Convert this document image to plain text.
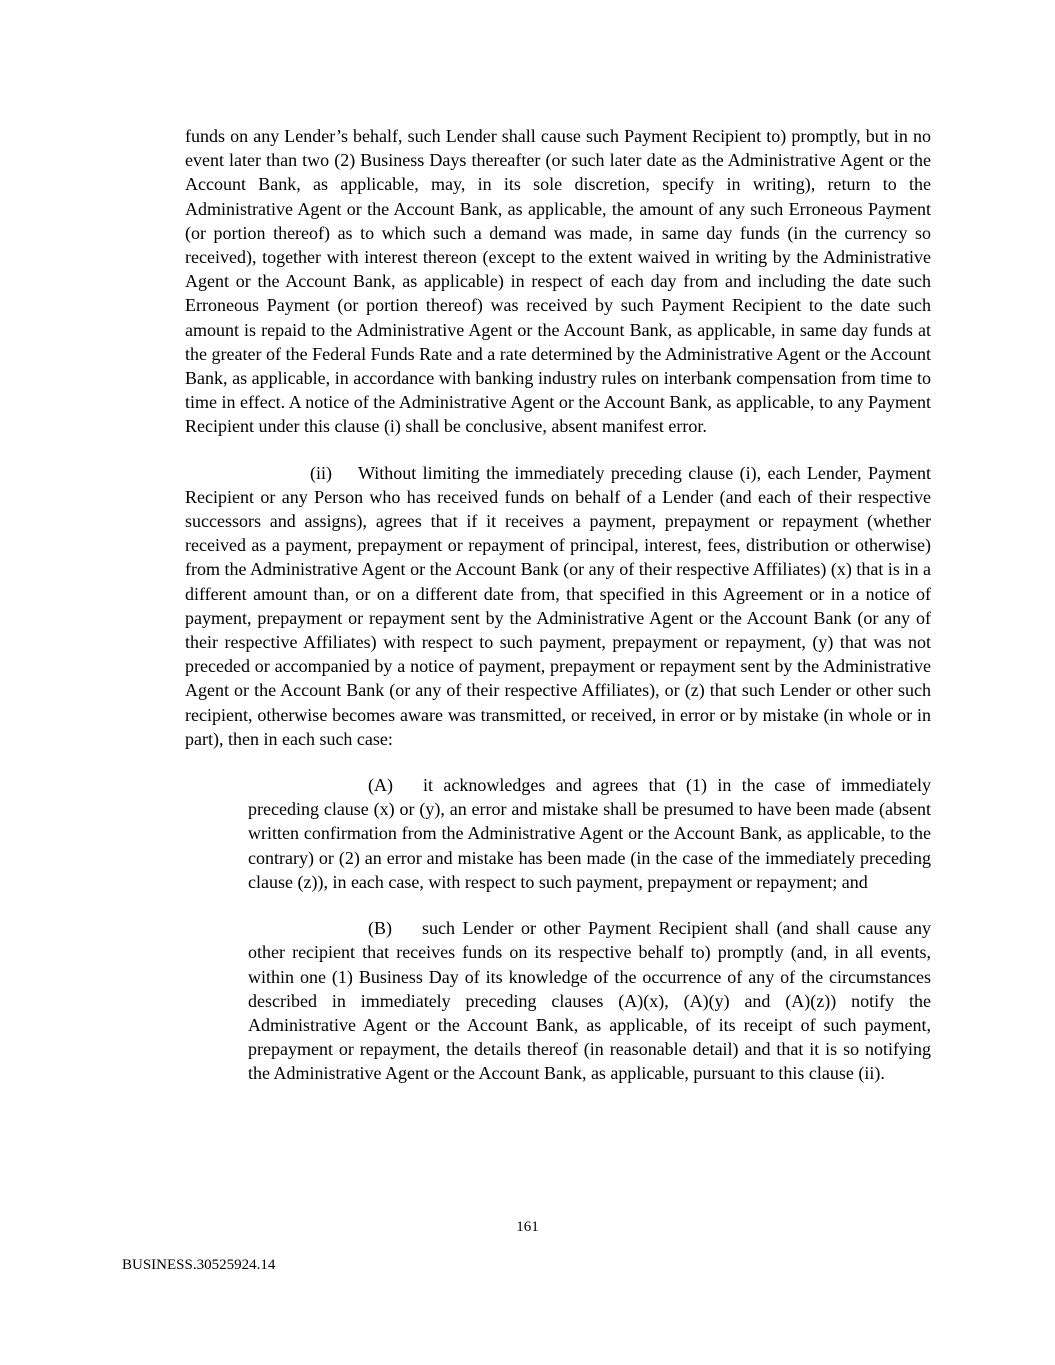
funds on any Lender’s behalf, such Lender shall cause such Payment Recipient to) promptly, but in no event later than two (2) Business Days thereafter (or such later date as the Administrative Agent or the Account Bank, as applicable, may, in its sole discretion, specify in writing), return to the Administrative Agent or the Account Bank, as applicable, the amount of any such Erroneous Payment (or portion thereof) as to which such a demand was made, in same day funds (in the currency so received), together with interest thereon (except to the extent waived in writing by the Administrative Agent or the Account Bank, as applicable) in respect of each day from and including the date such Erroneous Payment (or portion thereof) was received by such Payment Recipient to the date such amount is repaid to the Administrative Agent or the Account Bank, as applicable, in same day funds at the greater of the Federal Funds Rate and a rate determined by the Administrative Agent or the Account Bank, as applicable, in accordance with banking industry rules on interbank compensation from time to time in effect. A notice of the Administrative Agent or the Account Bank, as applicable, to any Payment Recipient under this clause (i) shall be conclusive, absent manifest error.

(ii) Without limiting the immediately preceding clause (i), each Lender, Payment Recipient or any Person who has received funds on behalf of a Lender (and each of their respective successors and assigns), agrees that if it receives a payment, prepayment or repayment (whether received as a payment, prepayment or repayment of principal, interest, fees, distribution or otherwise) from the Administrative Agent or the Account Bank (or any of their respective Affiliates) (x) that is in a different amount than, or on a different date from, that specified in this Agreement or in a notice of payment, prepayment or repayment sent by the Administrative Agent or the Account Bank (or any of their respective Affiliates) with respect to such payment, prepayment or repayment, (y) that was not preceded or accompanied by a notice of payment, prepayment or repayment sent by the Administrative Agent or the Account Bank (or any of their respective Affiliates), or (z) that such Lender or other such recipient, otherwise becomes aware was transmitted, or received, in error or by mistake (in whole or in part), then in each such case:

(A) it acknowledges and agrees that (1) in the case of immediately preceding clause (x) or (y), an error and mistake shall be presumed to have been made (absent written confirmation from the Administrative Agent or the Account Bank, as applicable, to the contrary) or (2) an error and mistake has been made (in the case of the immediately preceding clause (z)), in each case, with respect to such payment, prepayment or repayment; and

(B) such Lender or other Payment Recipient shall (and shall cause any other recipient that receives funds on its respective behalf to) promptly (and, in all events, within one (1) Business Day of its knowledge of the occurrence of any of the circumstances described in immediately preceding clauses (A)(x), (A)(y) and (A)(z)) notify the Administrative Agent or the Account Bank, as applicable, of its receipt of such payment, prepayment or repayment, the details thereof (in reasonable detail) and that it is so notifying the Administrative Agent or the Account Bank, as applicable, pursuant to this clause (ii).

161
BUSINESS.30525924.14
